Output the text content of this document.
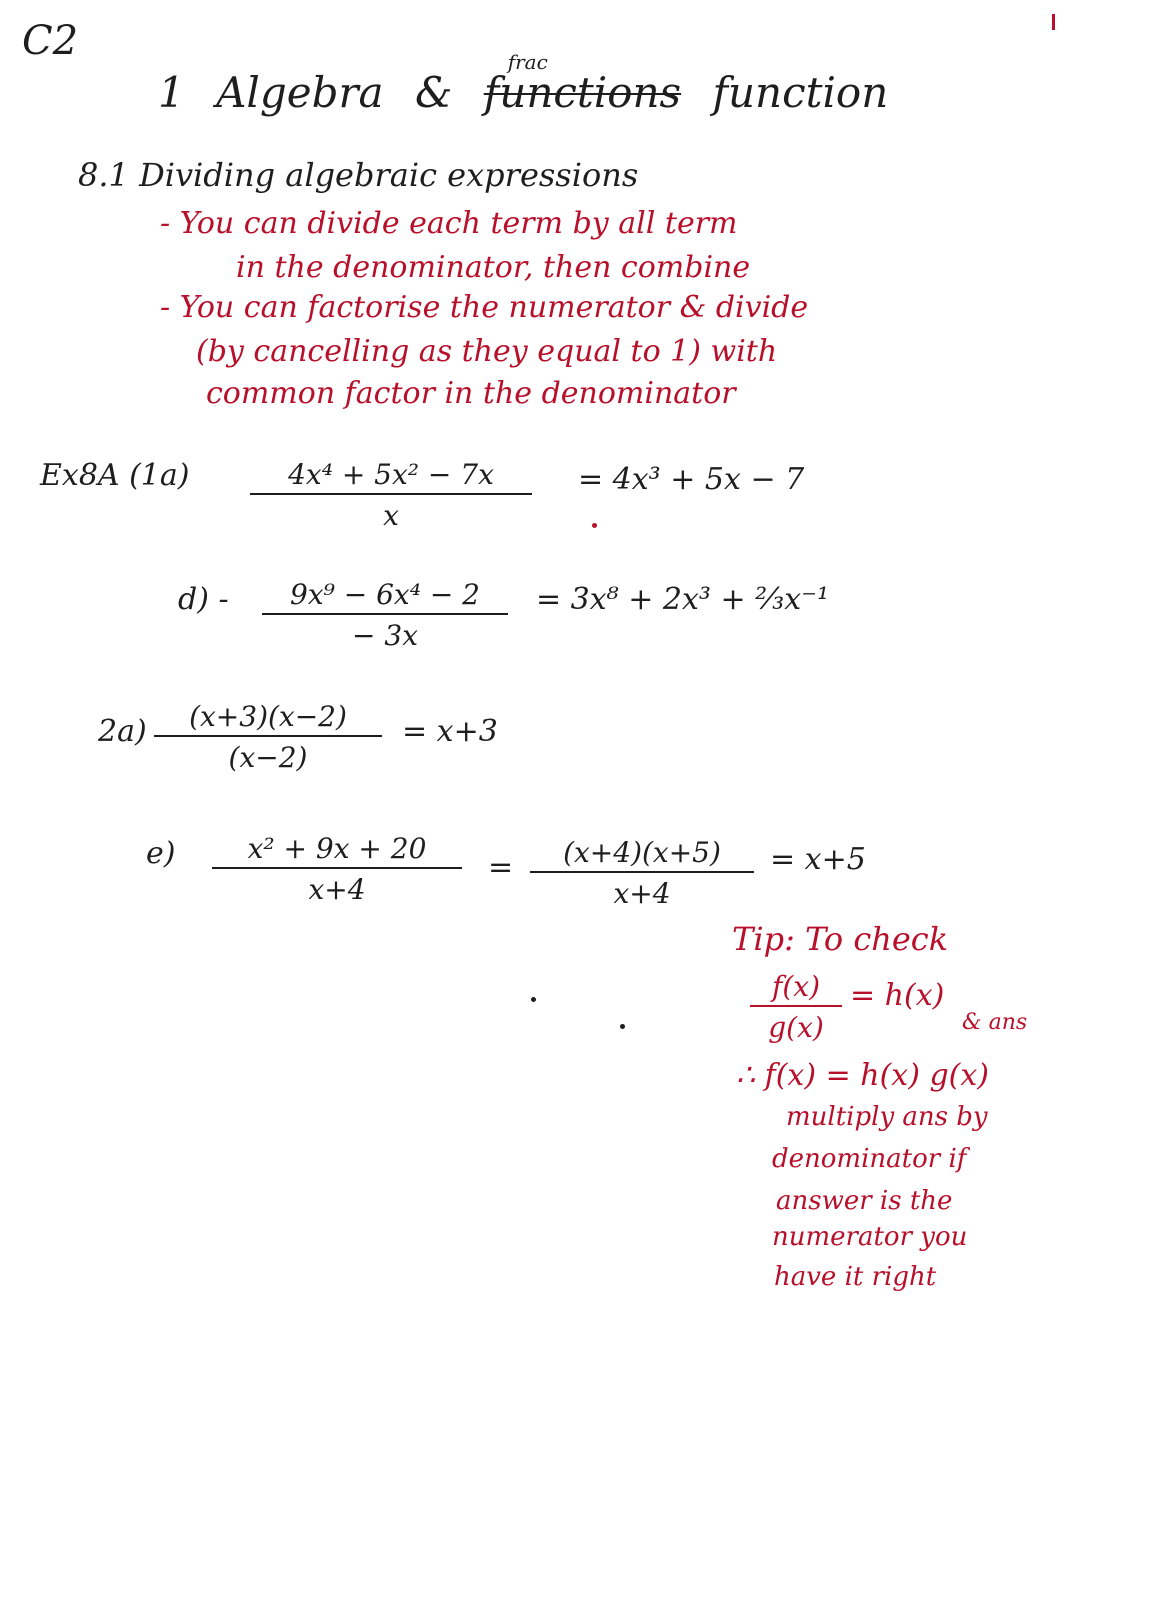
C2
1 Algebra &
frac
functions function
8.1 Dividing algebraic expressions
- You can divide each term by all term
in the denominator, then combine
- You can factorise the numerator & divide
(by cancelling as they equal to 1) with
common factor in the denominator
Ex8A (1a)	4x⁴ + 5x² − 7x
x
= 4x³ + 5x − 7
d) - 9x⁹ − 6x⁴ − 2
− 3x
= 3x⁸ + 2x³ + ⅔x⁻¹
2a) (x+3)(x−2)
(x−2)
= x+3
e)	x² + 9x + 20
x+4
= (x+4)(x+5)
x+4
= x+5
Tip: To check
f(x)
g(x)
= h(x)
& ans
∴ f(x) = h(x) g(x)
multiply ans by
denominator if
answer is the
numerator you
have it right
